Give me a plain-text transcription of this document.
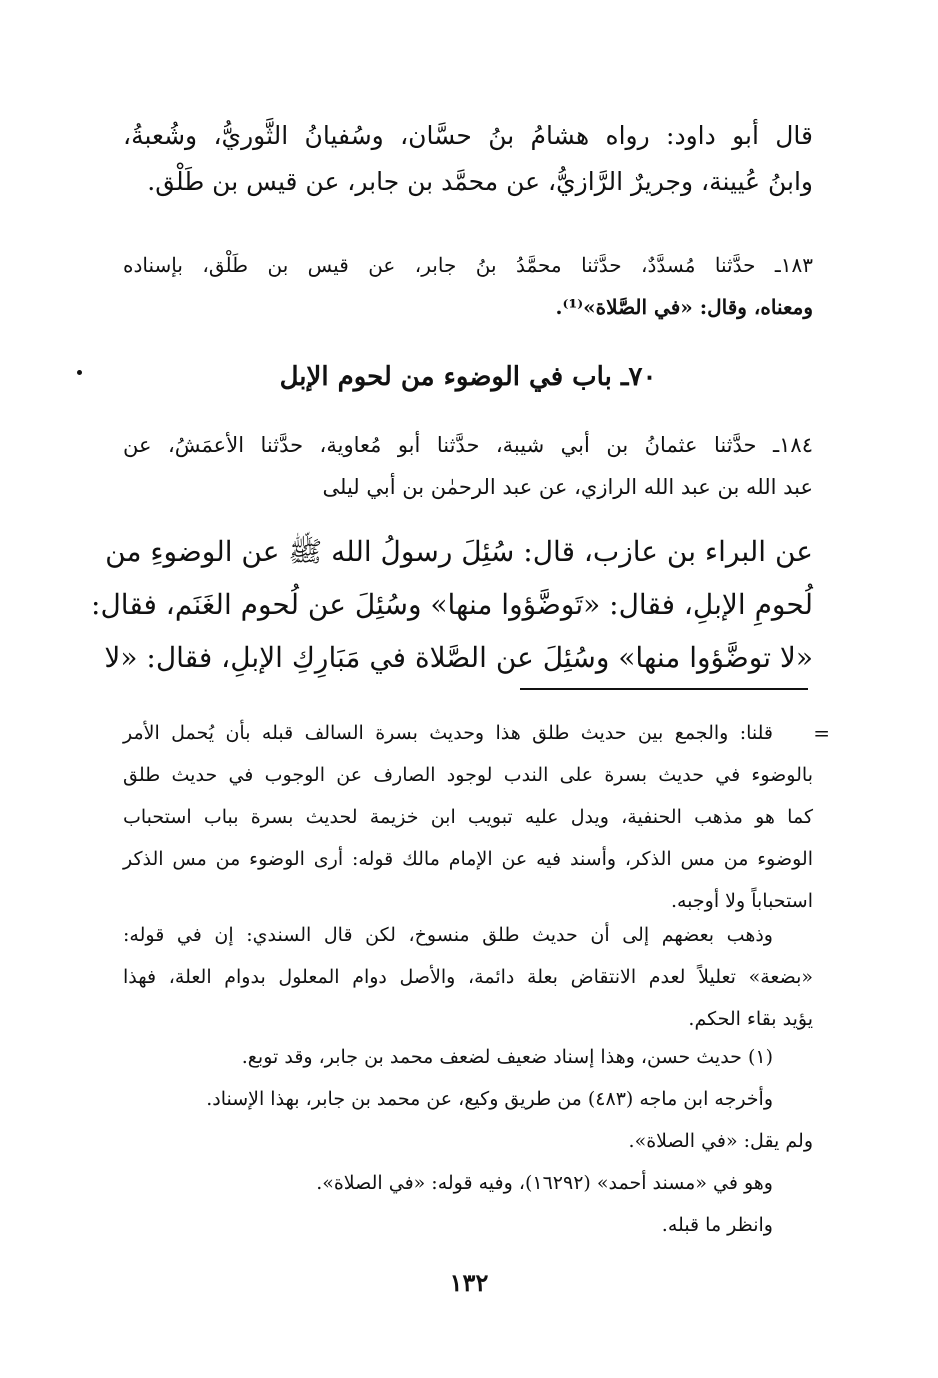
قال أبو داود: رواه هشامُ بنُ حسَّان، وسُفيانُ الثَّوريُّ، وشُعبةُ،
وابنُ عُيينة، وجريرٌ الرَّازيُّ، عن محمَّد بن جابر، عن قيس بن طَلْق.
١٨٣ـ حدَّثنا مُسدَّدٌ، حدَّثنا محمَّدُ بنُ جابر، عن قيس بن طَلْق، بإسناده
ومعناه، وقال: «في الصَّلاة»⁽¹⁾.
٧٠ـ باب في الوضوء من لحوم الإبل
١٨٤ـ حدَّثنا عثمانُ بن أبي شيبة، حدَّثنا أبو مُعاوية، حدَّثنا الأعمَشُ، عن
عبد الله بن عبد الله الرازي، عن عبد الرحمٰن بن أبي ليلى
عن البراء بن عازب، قال: سُئِلَ رسولُ الله ﷺ عن الوضوءِ من
لُحومِ الإبلِ، فقال: «تَوضَّؤوا منها» وسُئِلَ عن لُحوم الغَنَم، فقال:
«لا توضَّؤوا منها» وسُئِلَ عن الصَّلاة في مَبَارِكِ الإبلِ، فقال: «لا
=
قلنا: والجمع بين حديث طلق هذا وحديث بسرة السالف قبله بأن يُحمل الأمر
بالوضوء في حديث بسرة على الندب لوجود الصارف عن الوجوب في حديث طلق
كما هو مذهب الحنفية، ويدل عليه تبويب ابن خزيمة لحديث بسرة بباب استحباب
الوضوء من مس الذكر، وأسند فيه عن الإمام مالك قوله: أرى الوضوء من مس الذكر
استحباباً ولا أوجبه.
وذهب بعضهم إلى أن حديث طلق منسوخ، لكن قال السندي: إن في قوله:
«بضعة» تعليلاً لعدم الانتقاض بعلة دائمة، والأصل دوام المعلول بدوام العلة، فهذا
يؤيد بقاء الحكم.
(١) حديث حسن، وهذا إسناد ضعيف لضعف محمد بن جابر، وقد توبع.
وأخرجه ابن ماجه (٤٨٣) من طريق وكيع، عن محمد بن جابر، بهذا الإسناد.
ولم يقل: «في الصلاة».
وهو في «مسند أحمد» (١٦٢٩٢)، وفيه قوله: «في الصلاة».
وانظر ما قبله.
١٣٢
